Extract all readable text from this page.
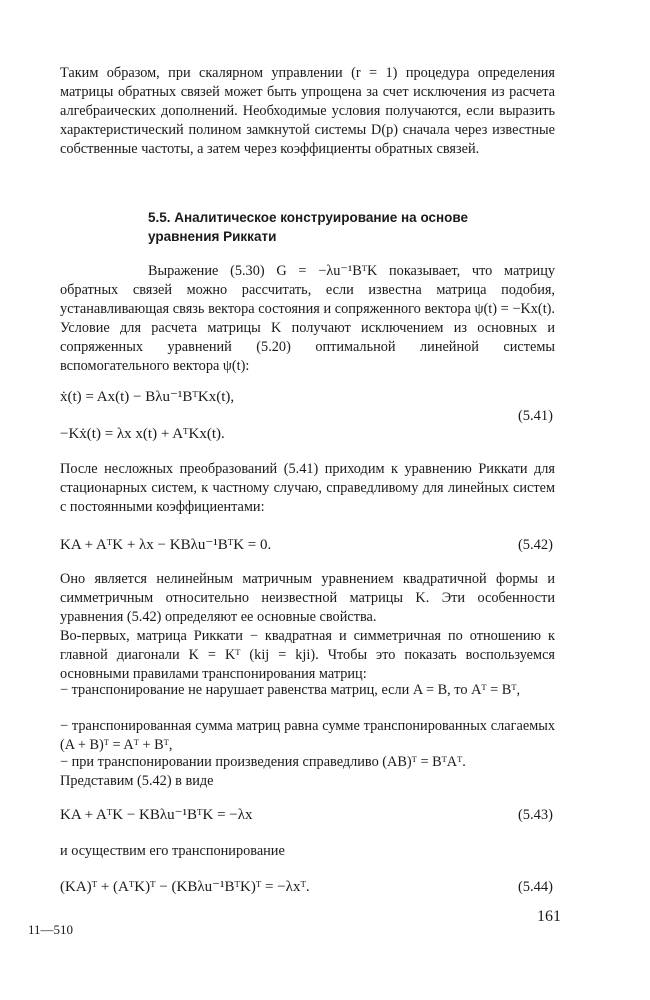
Таким образом, при скалярном управлении (r = 1) процедура определения матрицы обратных связей может быть упрощена за счет исключения из расчета алгебраических дополнений. Необходимые условия получаются, если выразить характеристический полином замкнутой системы D(p) сначала через известные собственные частоты, а затем через коэффициенты обратных связей.
5.5. Аналитическое конструирование на основе
уравнения Риккати
Выражение (5.30) G = −λu⁻¹BᵀK показывает, что матрицу обратных связей можно рассчитать, если известна матрица подобия, устанавливающая связь вектора состояния и сопряженного вектора ψ(t) = −Kx(t). Условие для расчета матрицы K получают исключением из основных и сопряженных уравнений (5.20) оптимальной линейной системы вспомогательного вектора ψ(t):
ẋ(t) = Ax(t) − Bλu⁻¹BᵀKx(t),
−Kẋ(t) = λx x(t) + AᵀKx(t).
(5.41)
После несложных преобразований (5.41) приходим к уравнению Риккати для стационарных систем, к частному случаю, справедливому для линейных систем с постоянными коэффициентами:
KA + AᵀK + λx − KBλu⁻¹BᵀK = 0.	(5.42)
Оно является нелинейным матричным уравнением квадратичной формы и симметричным относительно неизвестной матрицы K. Эти особенности уравнения (5.42) определяют ее основные свойства.
Во-первых, матрица Риккати − квадратная и симметричная по отношению к главной диагонали K = Kᵀ (kij = kji). Чтобы это показать воспользуемся основными правилами транспонирования матриц:
− транспонирование не нарушает равенства матриц, если A = B, то Aᵀ = Bᵀ,
− транспонированная сумма матриц равна сумме транспонированных слагаемых (A + B)ᵀ = Aᵀ + Bᵀ,
− при транспонировании произведения справедливо (AB)ᵀ = BᵀAᵀ.
Представим (5.42) в виде
KA + AᵀK − KBλu⁻¹BᵀK = −λx	(5.43)
и осуществим его транспонирование
(KA)ᵀ + (AᵀK)ᵀ − (KBλu⁻¹BᵀK)ᵀ = −λxᵀ.	(5.44)
11—510
161
